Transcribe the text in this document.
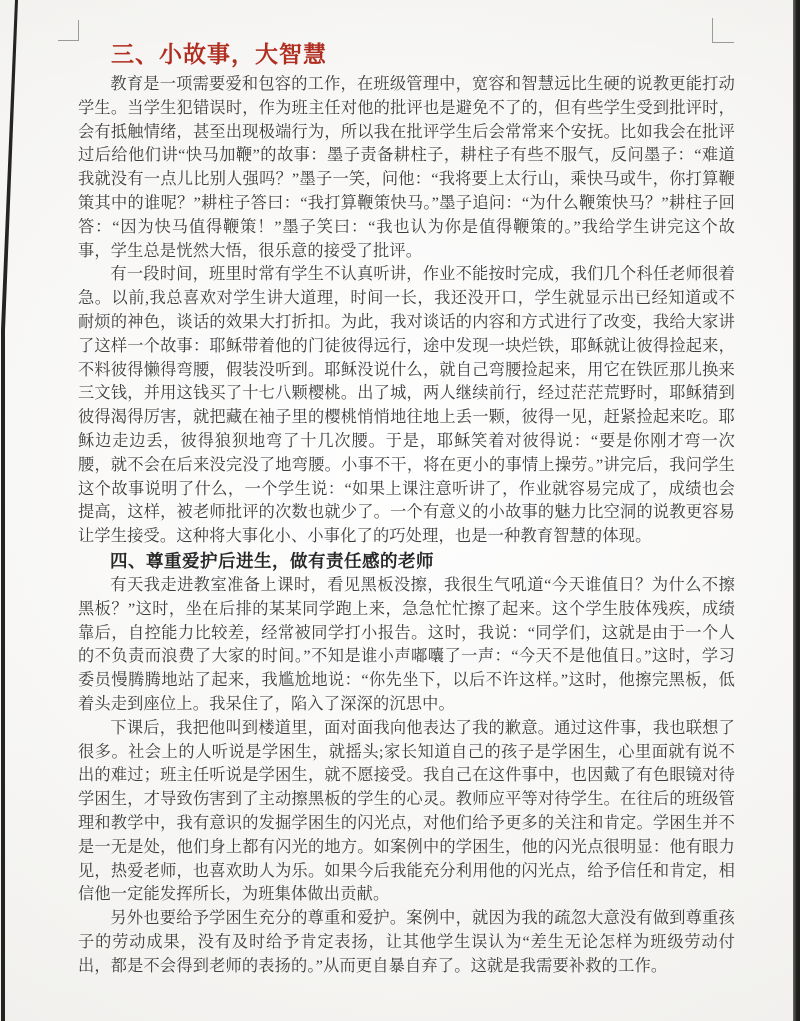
三、小故事，大智慧

教育是一项需要爱和包容的工作，在班级管理中，宽容和智慧远比生硬的说教更能打动学生。当学生犯错误时，作为班主任对他的批评也是避免不了的，但有些学生受到批评时，会有抵触情绪，甚至出现极端行为，所以我在批评学生后会常常来个安抚。比如我会在批评过后给他们讲“快马加鞭”的故事：墨子责备耕柱子，耕柱子有些不服气，反问墨子：“难道我就没有一点儿比别人强吗？”墨子一笑，问他：“我将要上太行山，乘快马或牛，你打算鞭策其中的谁呢？”耕柱子答曰：“我打算鞭策快马。”墨子追问：“为什么鞭策快马？”耕柱子回答：“因为快马值得鞭策！”墨子笑曰：“我也认为你是值得鞭策的。”我给学生讲完这个故事，学生总是恍然大悟，很乐意的接受了批评。

有一段时间，班里时常有学生不认真听讲，作业不能按时完成，我们几个科任老师很着急。以前,我总喜欢对学生讲大道理，时间一长，我还没开口，学生就显示出已经知道或不耐烦的神色，谈话的效果大打折扣。为此，我对谈话的内容和方式进行了改变，我给大家讲了这样一个故事：耶稣带着他的门徒彼得远行，途中发现一块烂铁，耶稣就让彼得捡起来，不料彼得懒得弯腰，假装没听到。耶稣没说什么，就自己弯腰捡起来，用它在铁匠那儿换来三文钱，并用这钱买了十七八颗樱桃。出了城，两人继续前行，经过茫茫荒野时，耶稣猜到彼得渴得厉害，就把藏在袖子里的樱桃悄悄地往地上丢一颗，彼得一见，赶紧捡起来吃。耶稣边走边丢，彼得狼狈地弯了十几次腰。于是，耶稣笑着对彼得说：“要是你刚才弯一次腰，就不会在后来没完没了地弯腰。小事不干，将在更小的事情上操劳。”讲完后，我问学生这个故事说明了什么，一个学生说：“如果上课注意听讲了，作业就容易完成了，成绩也会提高，这样，被老师批评的次数也就少了。一个有意义的小故事的魅力比空洞的说教更容易让学生接受。这种将大事化小、小事化了的巧处理，也是一种教育智慧的体现。

四、尊重爱护后进生，做有责任感的老师

有天我走进教室准备上课时，看见黑板没擦，我很生气吼道“今天谁值日？为什么不擦黑板？”这时，坐在后排的某某同学跑上来，急急忙忙擦了起来。这个学生肢体残疾，成绩靠后，自控能力比较差，经常被同学打小报告。这时，我说：“同学们，这就是由于一个人的不负责而浪费了大家的时间。”不知是谁小声嘟囔了一声：“今天不是他值日。”这时，学习委员慢腾腾地站了起来，我尴尬地说：“你先坐下，以后不许这样。”这时，他擦完黑板，低着头走到座位上。我呆住了，陷入了深深的沉思中。

下课后，我把他叫到楼道里，面对面我向他表达了我的歉意。通过这件事，我也联想了很多。社会上的人听说是学困生，就摇头;家长知道自己的孩子是学困生，心里面就有说不出的难过；班主任听说是学困生，就不愿接受。我自己在这件事中，也因戴了有色眼镜对待学困生，才导致伤害到了主动擦黑板的学生的心灵。教师应平等对待学生。在往后的班级管理和教学中，我有意识的发掘学困生的闪光点，对他们给予更多的关注和肯定。学困生并不是一无是处，他们身上都有闪光的地方。如案例中的学困生，他的闪光点很明显：他有眼力见，热爱老师，也喜欢助人为乐。如果今后我能充分利用他的闪光点，给予信任和肯定，相信他一定能发挥所长，为班集体做出贡献。

另外也要给予学困生充分的尊重和爱护。案例中，就因为我的疏忽大意没有做到尊重孩子的劳动成果，没有及时给予肯定表扬，让其他学生误认为“差生无论怎样为班级劳动付出，都是不会得到老师的表扬的。”从而更自暴自弃了。这就是我需要补救的工作。
